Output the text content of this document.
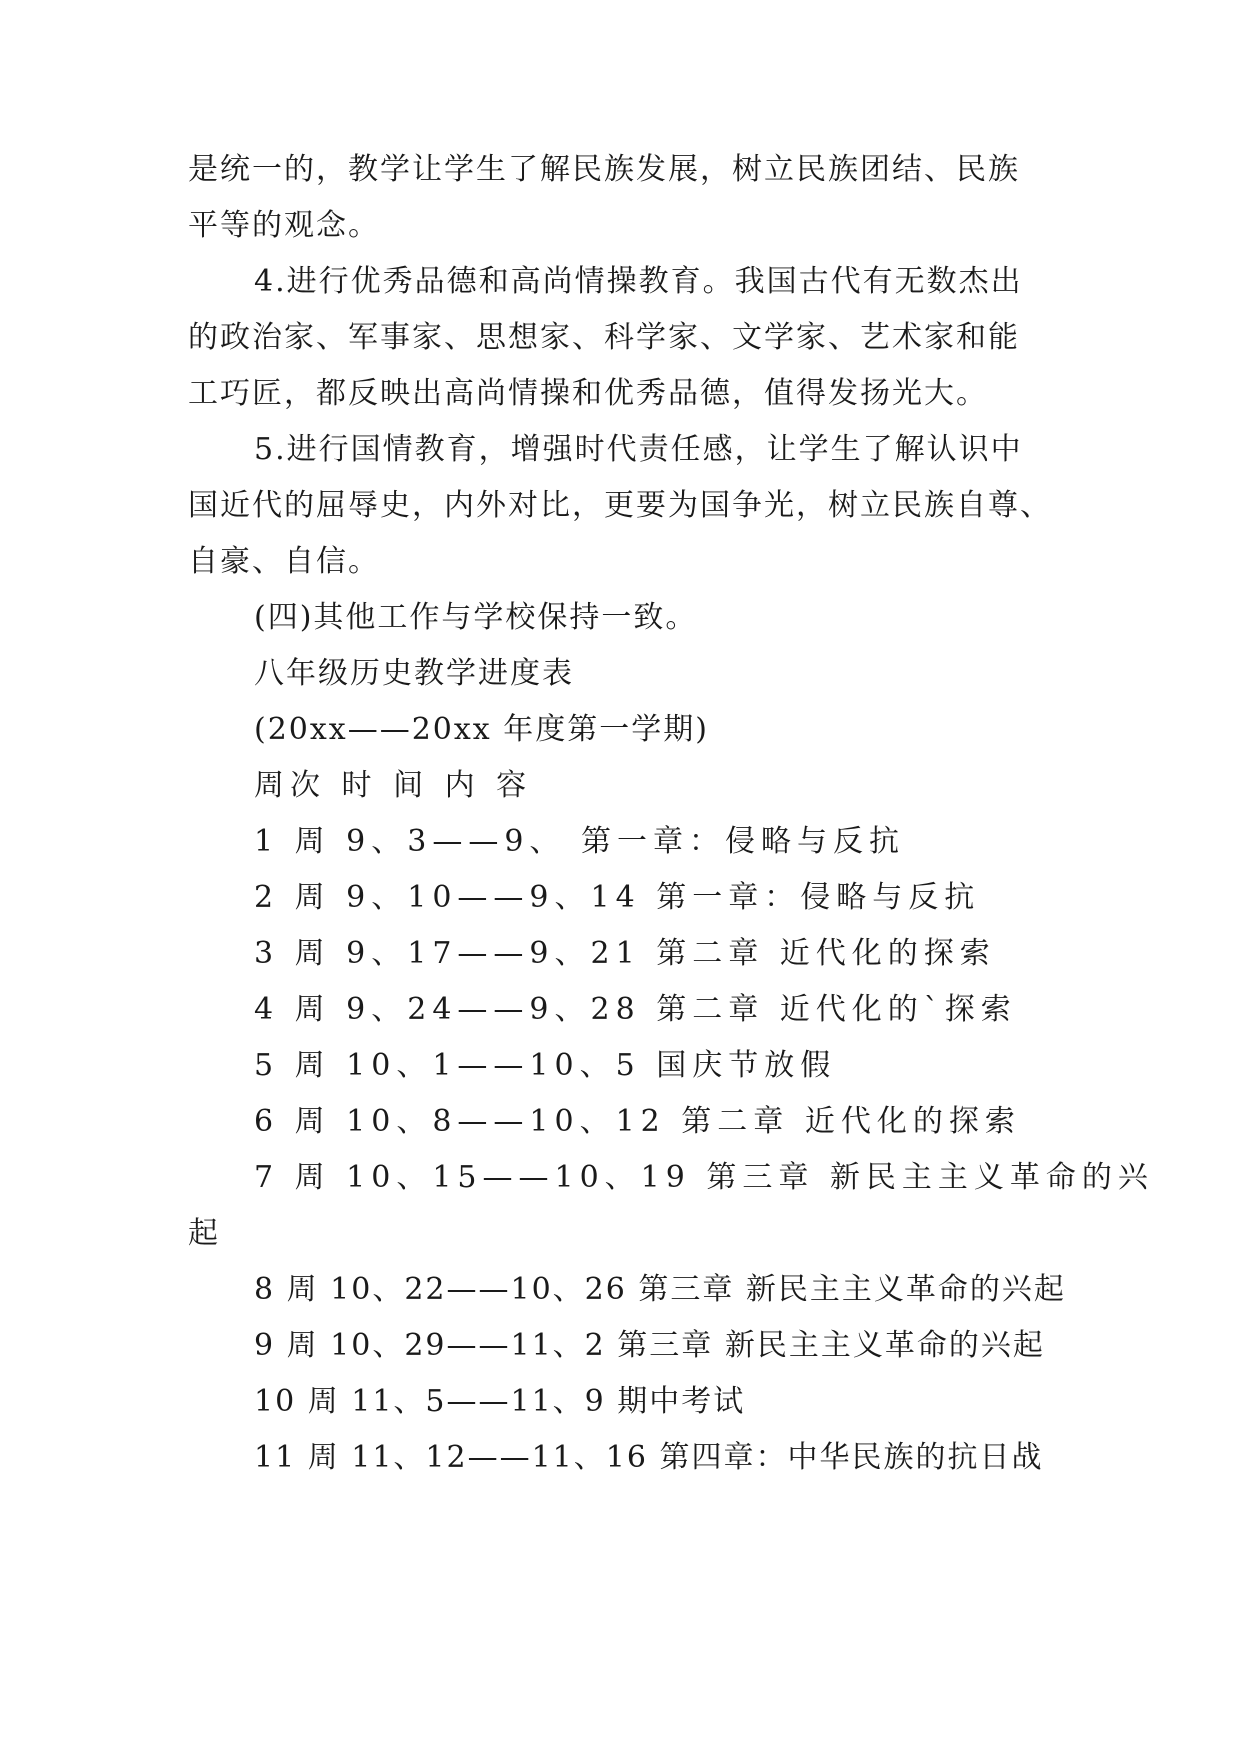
是统一的，教学让学生了解民族发展，树立民族团结、民族
平等的观念。
4.进行优秀品德和高尚情操教育。我国古代有无数杰出
的政治家、军事家、思想家、科学家、文学家、艺术家和能
工巧匠，都反映出高尚情操和优秀品德，值得发扬光大。
5.进行国情教育，增强时代责任感，让学生了解认识中
国近代的屈辱史，内外对比，更要为国争光，树立民族自尊、
自豪、自信。
(四)其他工作与学校保持一致。
八年级历史教学进度表
(20xx——20xx 年度第一学期)
周次 时 间 内 容
1 周 9、3——9、 第一章：侵略与反抗
2 周 9、10——9、14 第一章：侵略与反抗
3 周 9、17——9、21 第二章 近代化的探索
4 周 9、24——9、28 第二章 近代化的`探索
5 周 10、1——10、5 国庆节放假
6 周 10、8——10、12 第二章 近代化的探索
7 周 10、15——10、19 第三章 新民主主义革命的兴
起
8 周 10、22——10、26 第三章 新民主主义革命的兴起
9 周 10、29——11、2 第三章 新民主主义革命的兴起
10 周 11、5——11、9 期中考试
11 周 11、12——11、16 第四章：中华民族的抗日战
